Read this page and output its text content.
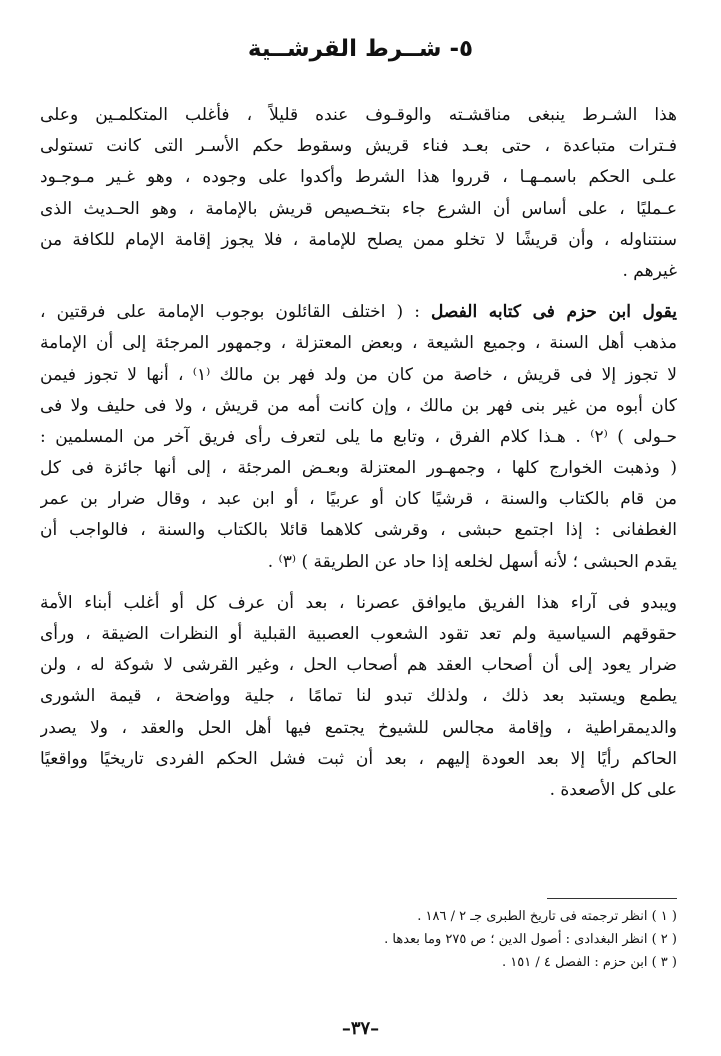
٥- شــرط القرشــية
هذا الشـرط ينبغى مناقشـته والوقـوف عنده قليلاً ، فأغلب المتكلمـين وعلى
فـترات متباعدة ، حتى بعـد فناء قريش وسقوط حكم الأسـر التى كانت تستولى
علـى الحكم باسمـهـا ، قرروا هذا الشرط وأكدوا على وجوده ، وهو غـير مـوجـود
عـمليًا ، على أساس أن الشرع جاء بتخـصيص قريش بالإمامة ، وهو الحـديث الذى
سنتناوله ، وأن قريشًا لا تخلو ممن يصلح للإمامة ، فلا يجوز إقامة الإمام للكافة من
غيرهم .
يقول ابن حزم فى كتابه الفصل : ( اختلف القائلون بوجوب الإمامة على فرقتين ،
مذهب أهل السنة ، وجميع الشيعة ، وبعض المعتزلة ، وجمهور المرجئة إلى أن الإمامة
لا تجوز إلا فى قريش ، خاصة من كان من ولد فهر بن مالك ⁽١⁾ ، أنها لا تجوز فيمن
كان أبوه من غير بنى فهر بن مالك ، وإن كانت أمه من قريش ، ولا فى حليف ولا فى
حـولى ) ⁽٢⁾ . هـذا كلام الفرق ، وتابع ما يلى لتعرف رأى فريق آخر من المسلمين :
( وذهبت الخوارج كلها ، وجمهـور المعتزلة وبعـض المرجئة ، إلى أنها جائزة فى كل
من قام بالكتاب والسنة ، قرشيًا كان أو عربيًا ، أو ابن عبد ، وقال ضرار بن عمر
الغطفانى : إذا اجتمع حبشى ، وقرشى كلاهما قائلا بالكتاب والسنة ، فالواجب أن
يقدم الحبشى ؛ لأنه أسهل لخلعه إذا حاد عن الطريقة ) ⁽٣⁾ .
ويبدو فى آراء هذا الفريق مايوافق عصرنا ، بعد أن عرف كل أو أغلب أبناء الأمة
حقوقهم السياسية ولم تعد تقود الشعوب العصبية القبلية أو النظرات الضيقة ، ورأى
ضرار يعود إلى أن أصحاب العقد هم أصحاب الحل ، وغير القرشى لا شوكة له ، ولن
يطمع ويستبد بعد ذلك ، ولذلك تبدو لنا تمامًا ، جلية وواضحة ، قيمة الشورى
والديمقراطية ، وإقامة مجالس للشيوخ يجتمع فيها أهل الحل والعقد ، ولا يصدر
الحاكم رأيًا إلا بعد العودة إليهم ، بعد أن ثبت فشل الحكم الفردى تاريخيًا وواقعيًا
على كل الأصعدة .
( ١ ) انظر ترجمته فى تاريخ الطبرى جـ ٢ / ١٨٦ .
( ٢ ) انظر البغدادى : أصول الدين ؛ ص ٢٧٥ وما بعدها .
( ٣ ) ابن حزم : الفصل ٤ / ١٥١ .
–٣٧–
